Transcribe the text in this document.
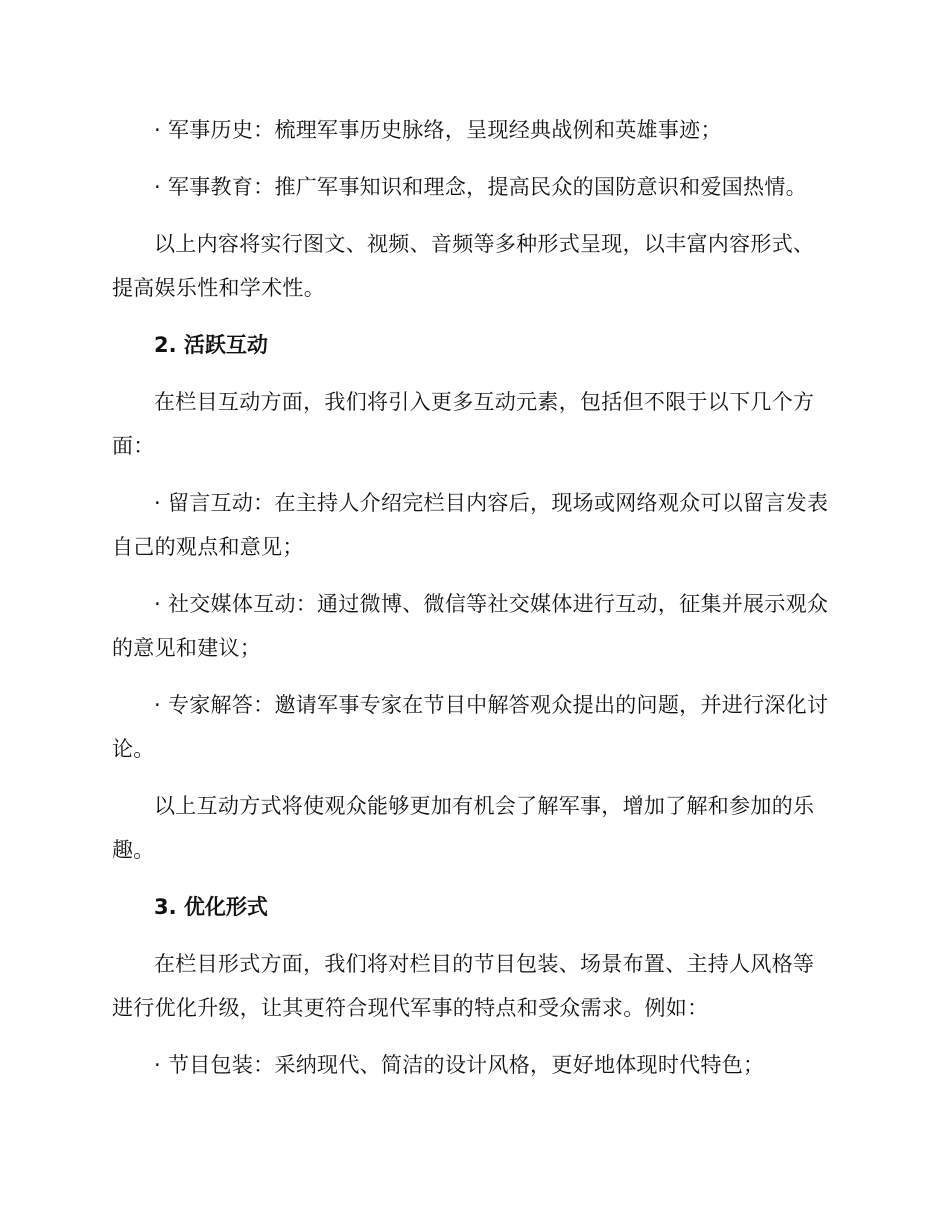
· 军事历史：梳理军事历史脉络，呈现经典战例和英雄事迹；

· 军事教育：推广军事知识和理念，提高民众的国防意识和爱国热情。

以上内容将实行图文、视频、音频等多种形式呈现，以丰富内容形式、提高娱乐性和学术性。

2. 活跃互动

在栏目互动方面，我们将引入更多互动元素，包括但不限于以下几个方面：

· 留言互动：在主持人介绍完栏目内容后，现场或网络观众可以留言发表自己的观点和意见；

· 社交媒体互动：通过微博、微信等社交媒体进行互动，征集并展示观众的意见和建议；

· 专家解答：邀请军事专家在节目中解答观众提出的问题，并进行深化讨论。

以上互动方式将使观众能够更加有机会了解军事，增加了解和参加的乐趣。

3. 优化形式

在栏目形式方面，我们将对栏目的节目包装、场景布置、主持人风格等进行优化升级，让其更符合现代军事的特点和受众需求。例如：

· 节目包装：采纳现代、简洁的设计风格，更好地体现时代特色；
